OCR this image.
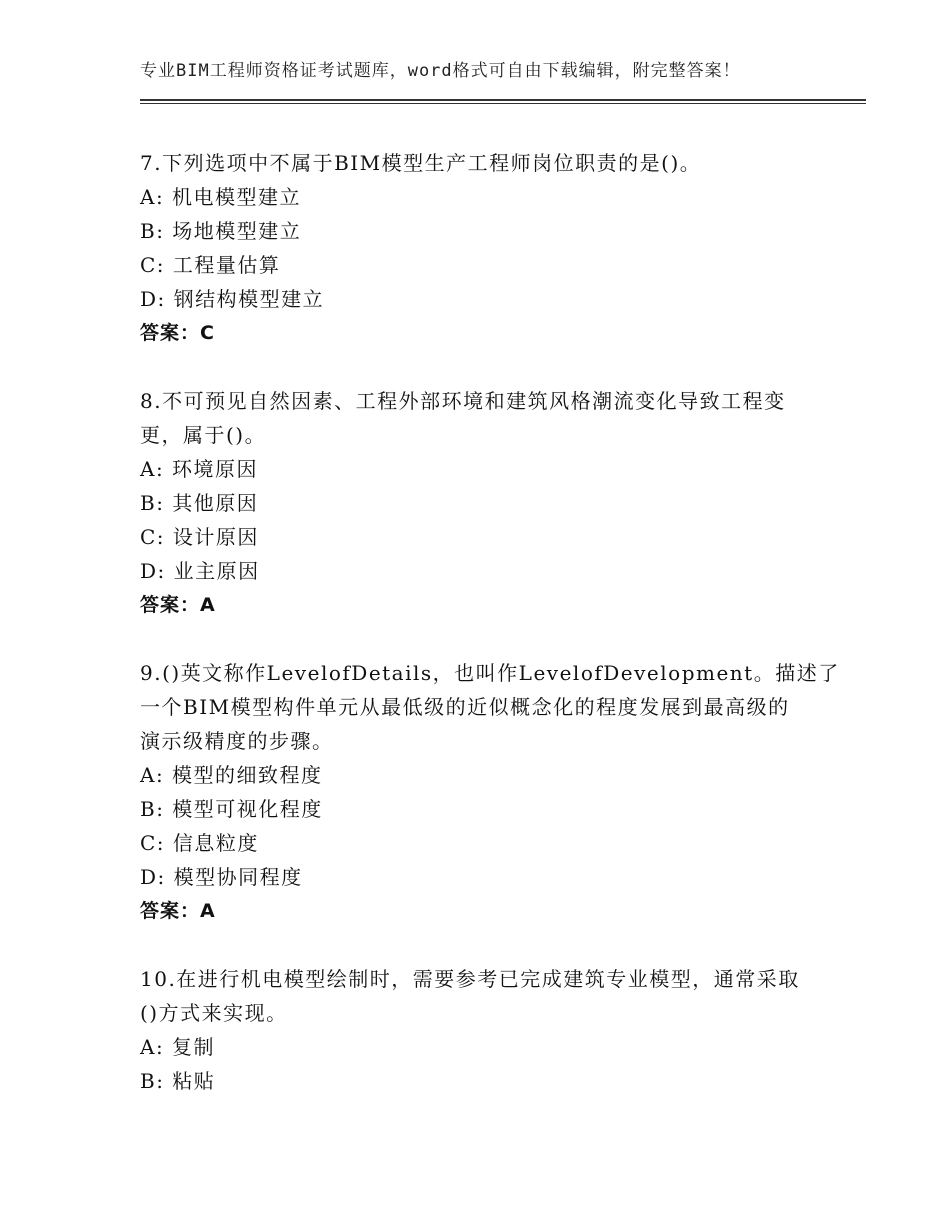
专业BIM工程师资格证考试题库，word格式可自由下载编辑，附完整答案！
7.下列选项中不属于BIM模型生产工程师岗位职责的是()。
A: 机电模型建立
B: 场地模型建立
C: 工程量估算
D: 钢结构模型建立
答案：C
8.不可预见自然因素、工程外部环境和建筑风格潮流变化导致工程变
更，属于()。
A: 环境原因
B: 其他原因
C: 设计原因
D: 业主原因
答案：A
9.()英文称作LevelofDetails，也叫作LevelofDevelopment。描述了
一个BIM模型构件单元从最低级的近似概念化的程度发展到最高级的
演示级精度的步骤。
A: 模型的细致程度
B: 模型可视化程度
C: 信息粒度
D: 模型协同程度
答案：A
10.在进行机电模型绘制时，需要参考已完成建筑专业模型，通常采取
()方式来实现。
A: 复制
B: 粘贴
